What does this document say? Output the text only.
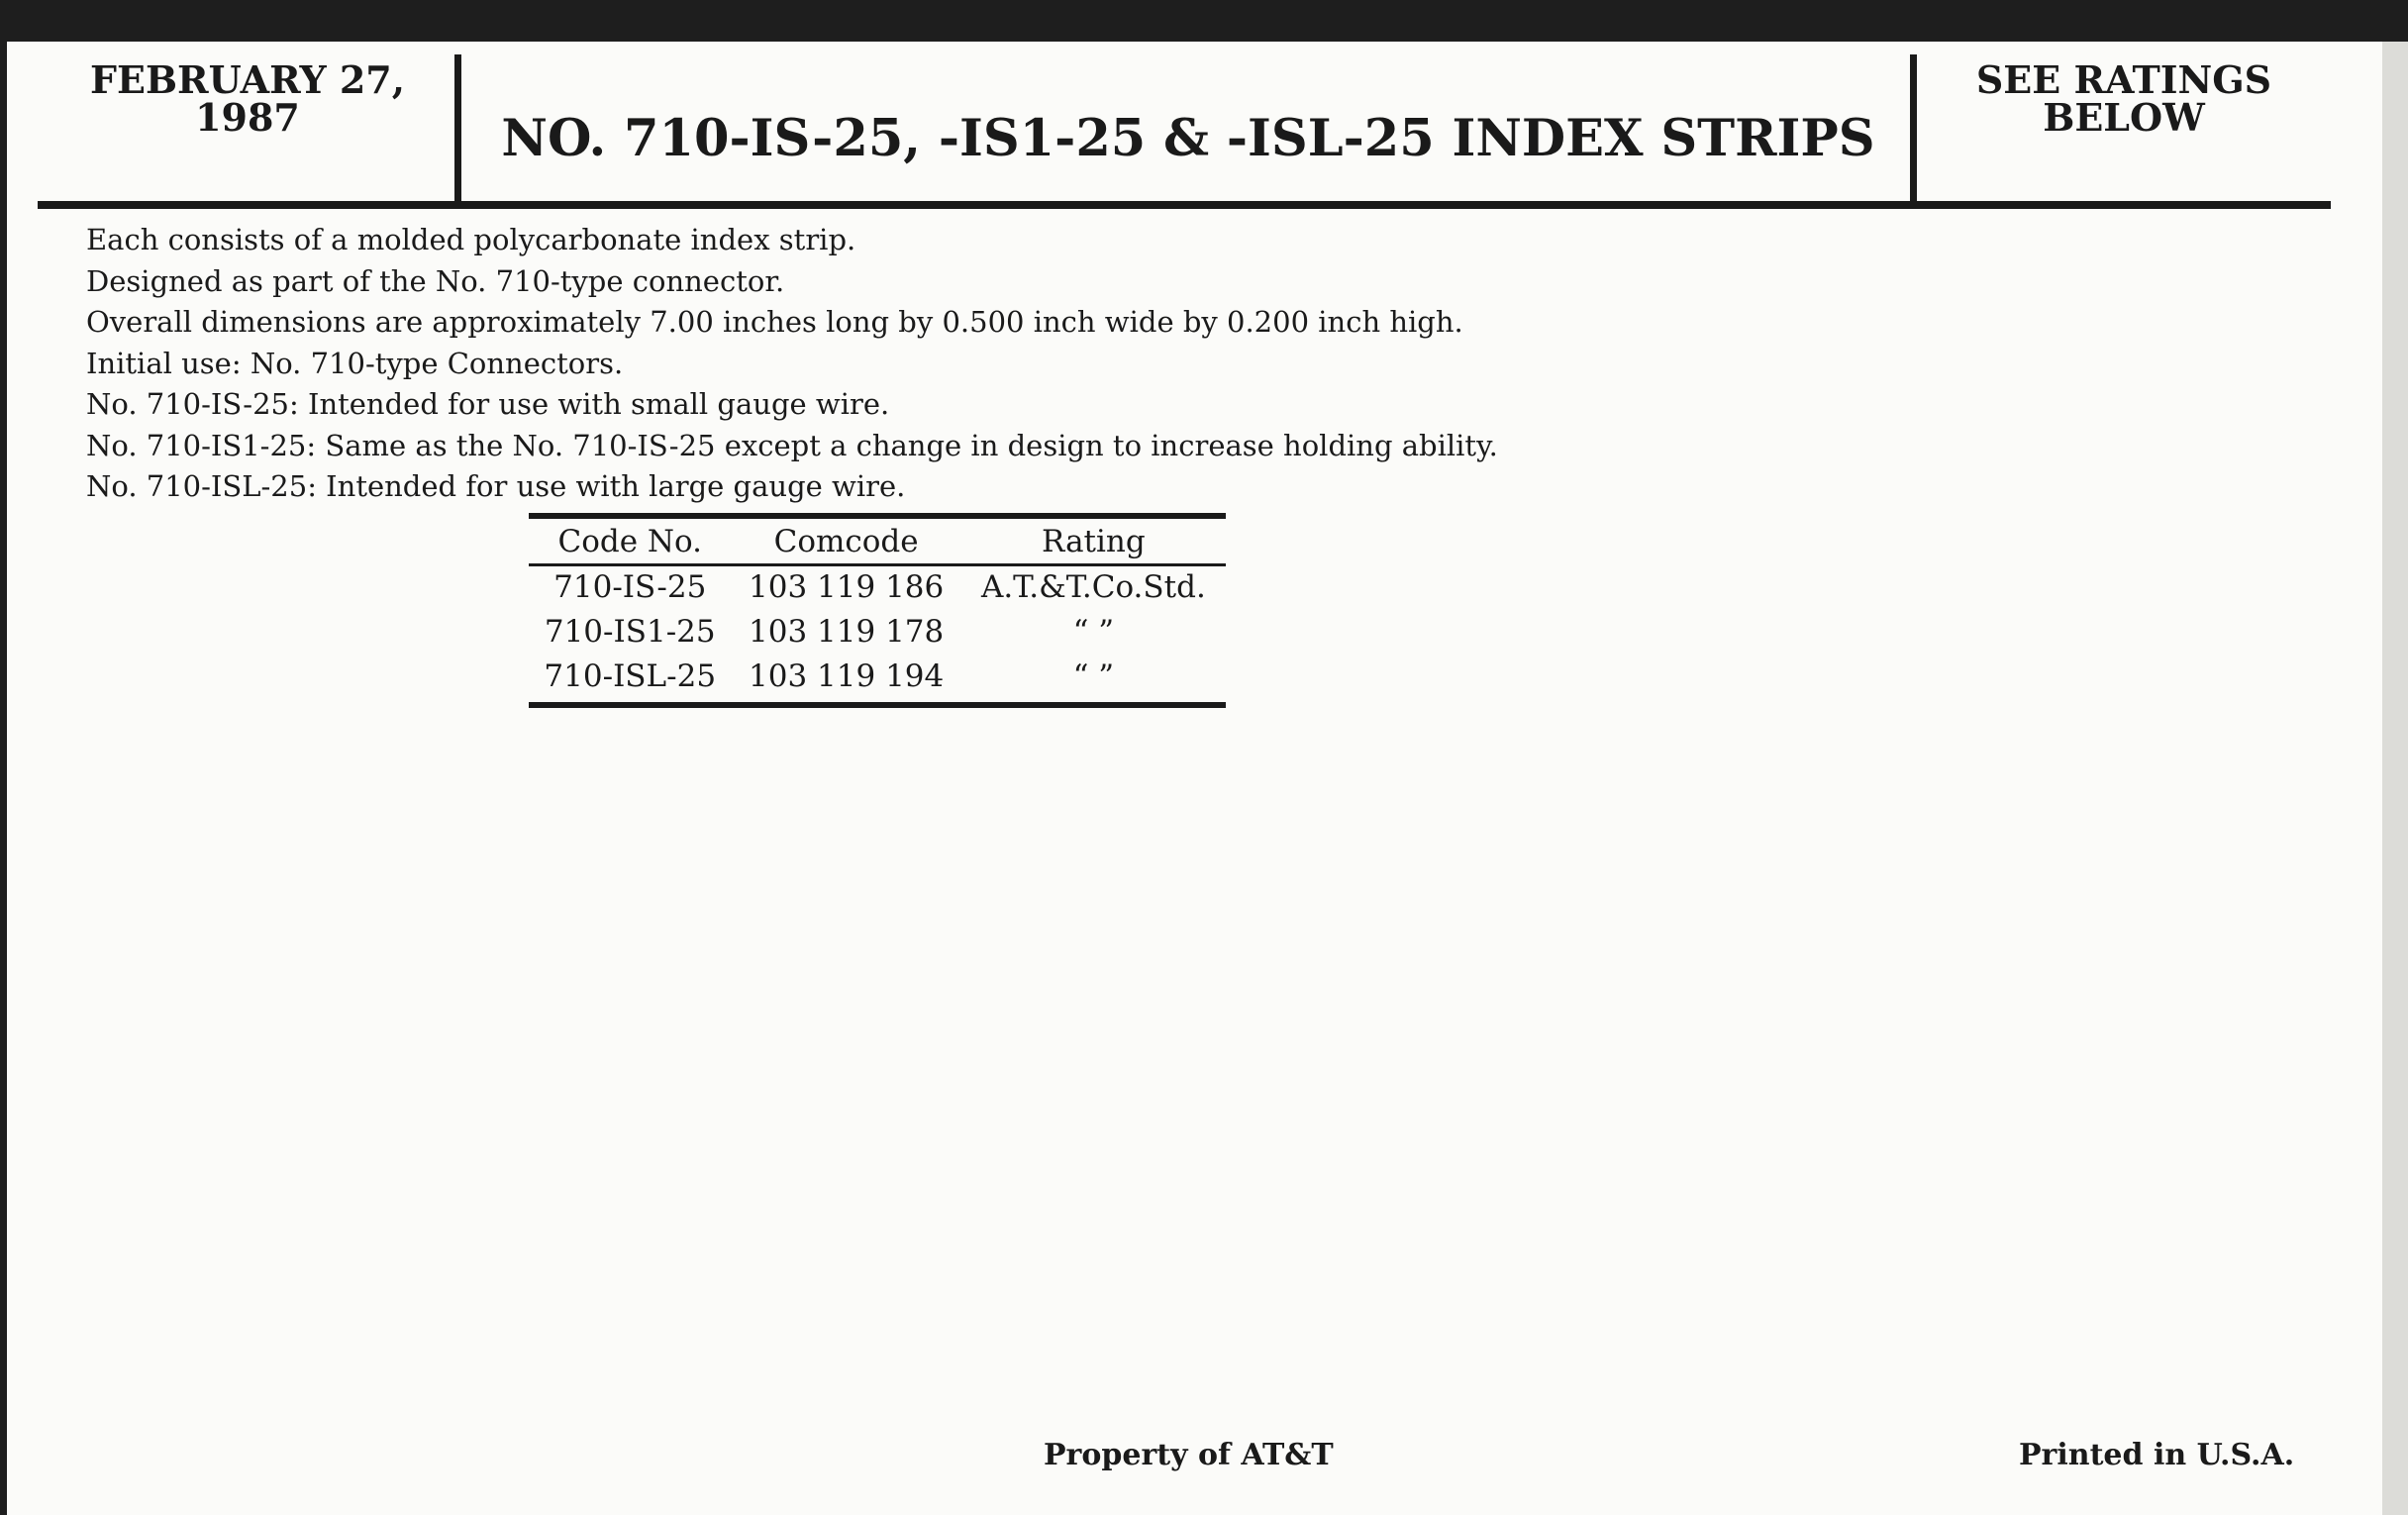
FEBRUARY 27, 1987	NO. 710-IS-25, -IS1-25 & -ISL-25 INDEX STRIPS
SEE RATINGS BELOW
Each consists of a molded polycarbonate index strip.
Designed as part of the No. 710-type connector.
Overall dimensions are approximately 7.00 inches long by 0.500 inch wide by 0.200 inch high.
Initial use: No. 710-type Connectors.
No. 710-IS-25: Intended for use with small gauge wire.
No. 710-IS1-25: Same as the No. 710-IS-25 except a change in design to increase holding ability.
No. 710-ISL-25: Intended for use with large gauge wire.
Code No.	Comcode	Rating
710-IS-25	103 119 186	A.T.&T.Co.Std.
710-IS1-25	103 119 178	“ ”
710-ISL-25	103 119 194	“ ”
Property of AT&T	Printed in U.S.A.
